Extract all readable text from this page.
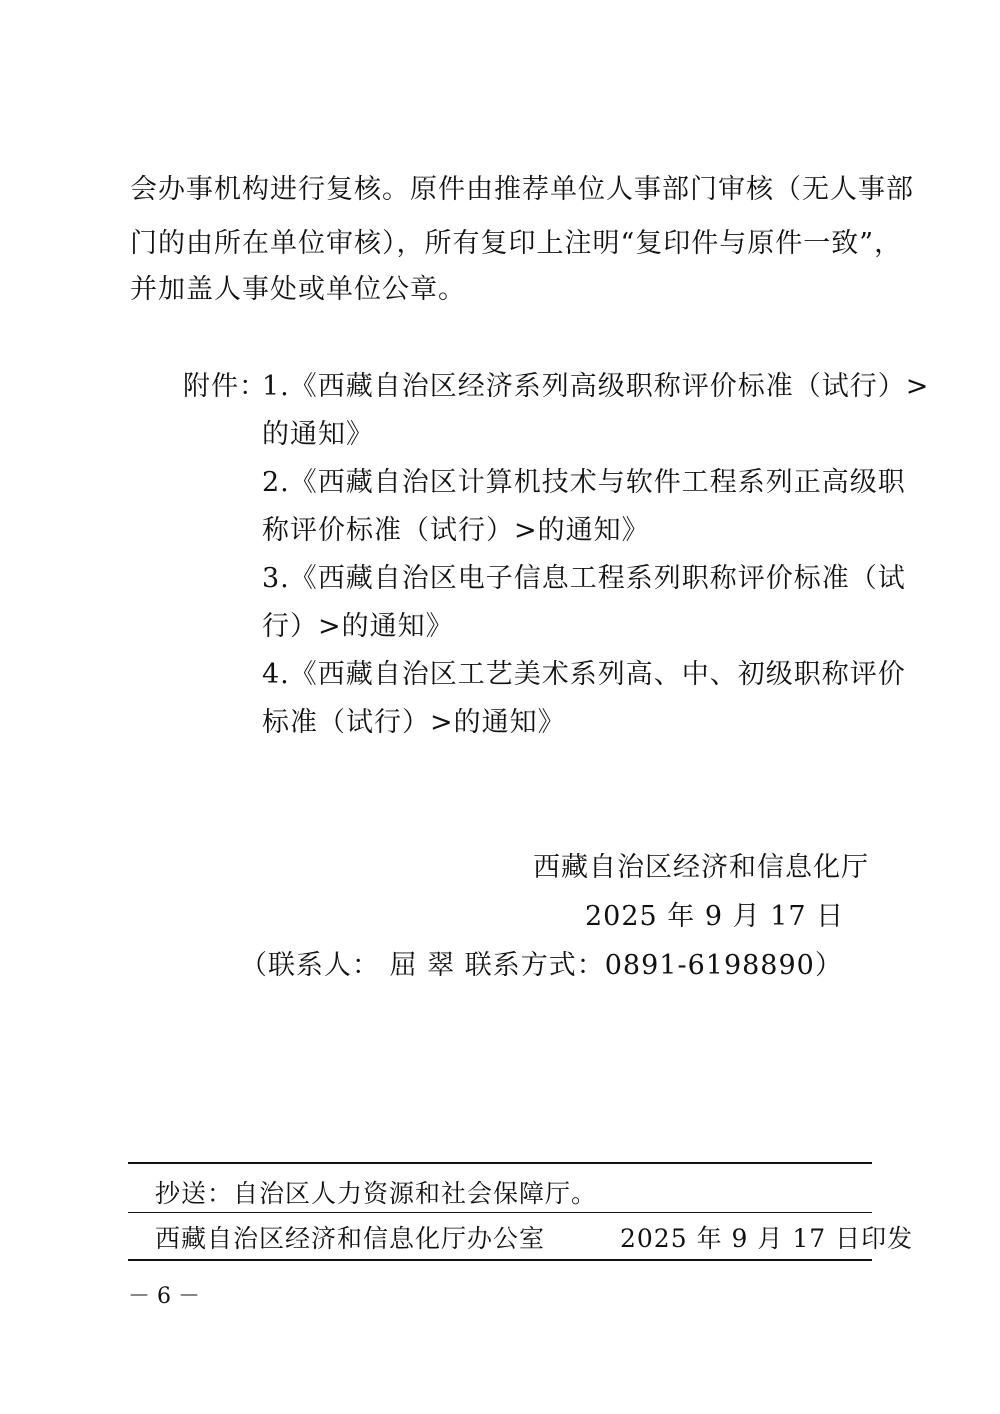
会办事机构进行复核。原件由推荐单位人事部门审核（无人事部
门的由所在单位审核），所有复印上注明“复印件与原件一致”，
并加盖人事处或单位公章。
附件：
1.《西藏自治区经济系列高级职称评价标准（试行）>
的通知》
2.《西藏自治区计算机技术与软件工程系列正高级职
称评价标准（试行）>的通知》
3.《西藏自治区电子信息工程系列职称评价标准（试
行）>的通知》
4.《西藏自治区工艺美术系列高、中、初级职称评价
标准（试行）>的通知》
西藏自治区经济和信息化厅
2025 年 9 月 17 日
（联系人： 屈 翠 联系方式：0891-6198890）
抄送：自治区人力资源和社会保障厅。
西藏自治区经济和信息化厅办公室	2025 年 9 月 17 日印发
－ 6 －
